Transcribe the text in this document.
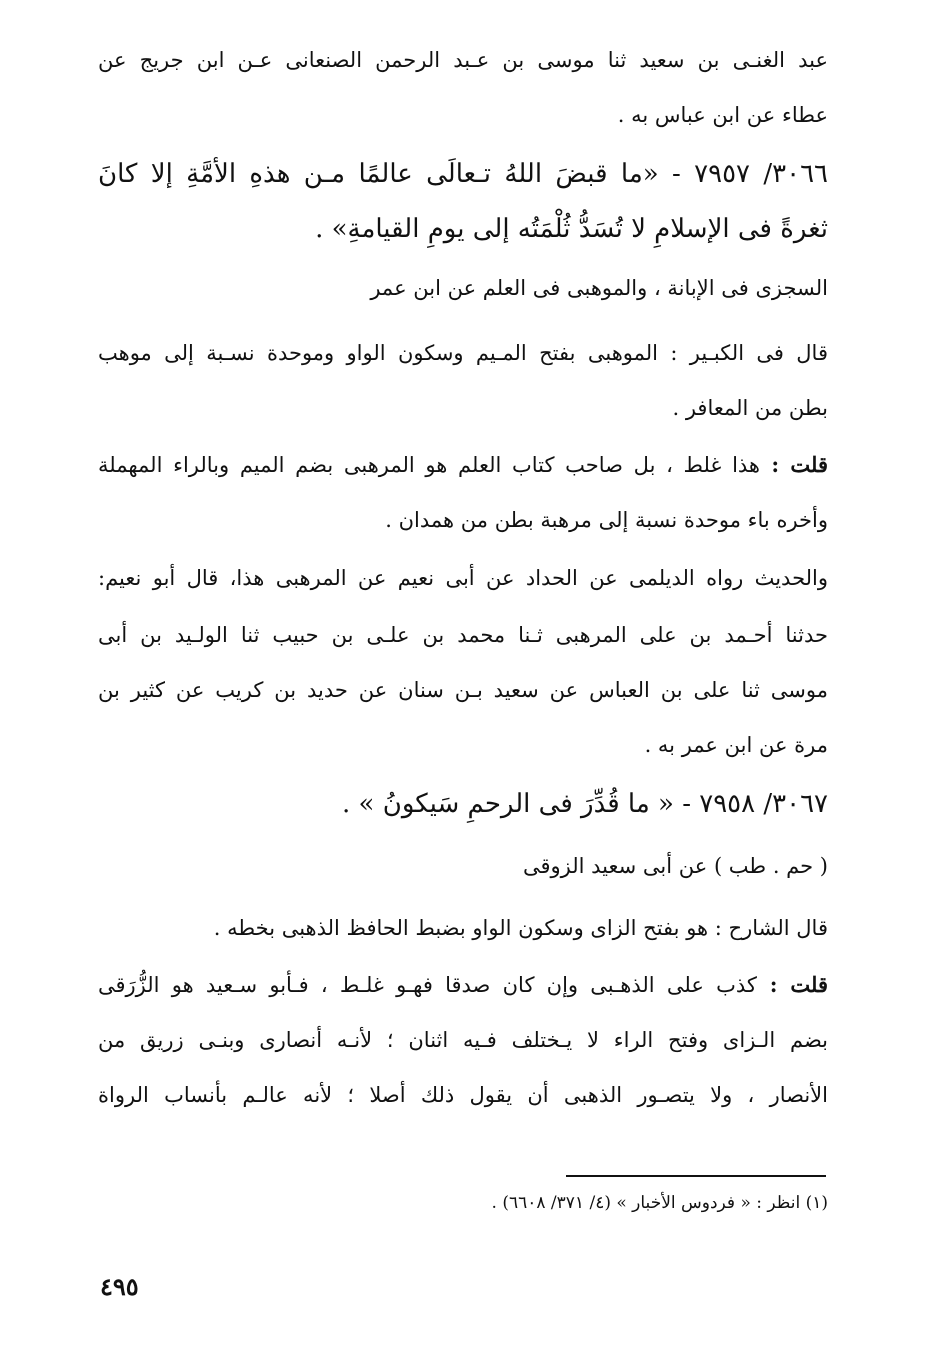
عبد الغنـى بن سعيد ثنا موسى بن عـبد الرحمن الصنعانى عـن ابن جريج عن
عطاء عن ابن عباس به .
٣٠٦٦/ ٧٩٥٧ - «ما قبضَ اللهُ تـعالَى عالمًا مـن هذهِ الأمَّةِ إلا كانَ
ثغرةً فى الإسلامِ لا تُسَدُّ ثُلْمَتُه إلى يومِ القيامةِ» .
السجزى فى الإبانة ، والموهبى فى العلم عن ابن عمر
قال فى الكبـير : الموهبى بفتح المـيم وسكون الواو وموحدة نسـبة إلى موهب
بطن من المعافر .
قلت : هذا غلط ، بل صاحب كتاب العلم هو المرهبى بضم الميم وبالراء المهملة
وأخره باء موحدة نسبة إلى مرهبة بطن من همدان .
والحديث رواه الديلمى عن الحداد عن أبى نعيم عن المرهبى هذا، قال أبو نعيم:
حدثنا أحـمد بن على المرهبى ثـنا محمد بن علـى بن حبيب ثنا الولـيد بن أبى
موسى ثنا على بن العباس عن سعيد بـن سنان عن حديد بن كريب عن كثير بن
مرة عن ابن عمر به .
٣٠٦٧/ ٧٩٥٨ - « ما قُدِّرَ فى الرحمِ سَيكونُ » .
( حم . طب ) عن أبى سعيد الزوقى
قال الشارح : هو بفتح الزاى وسكون الواو بضبط الحافظ الذهبى بخطه .
قلت : كذب على الذهـبى وإن كان صدقا فهـو غلـط ، فـأبو سـعيد هو الزُّرَقى
بضم الـزاى وفتح الراء لا يـختلف فـيه اثنان ؛ لأنـه أنصارى وبنـى زريق من
الأنصار ، ولا يتصـور الذهبى أن يقول ذلك أصلا ؛ لأنه عالـم بأنساب الرواة
(١) انظر : « فردوس الأخبار » (٤/ ٣٧١/ ٦٦٠٨) .
٤٩٥
